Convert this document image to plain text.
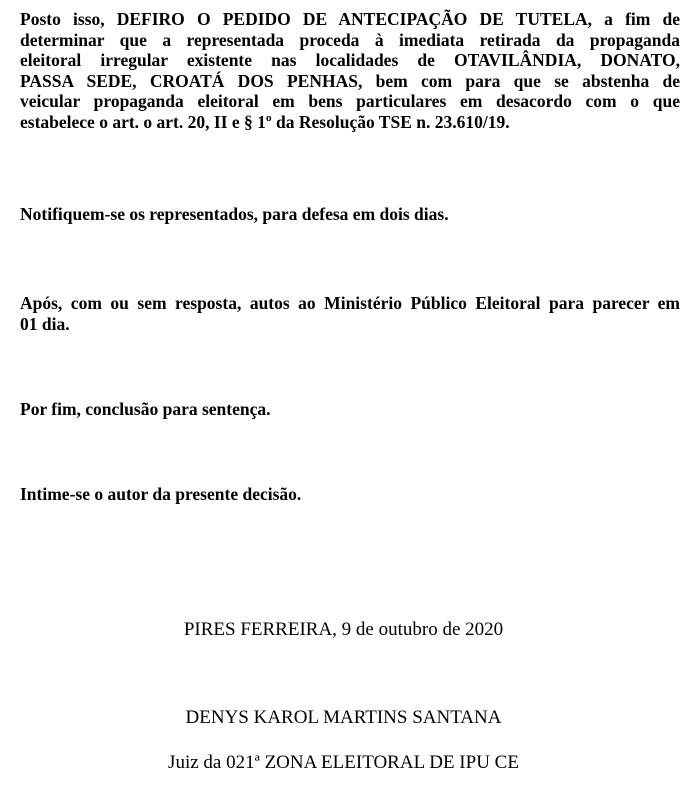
Posto isso, DEFIRO O PEDIDO DE ANTECIPAÇÃO DE TUTELA, a fim de
determinar que a representada proceda à imediata retirada da propaganda
eleitoral irregular existente nas localidades de OTAVILÂNDIA, DONATO,
PASSA SEDE, CROATÁ DOS PENHAS, bem com para que se abstenha de
veicular propaganda eleitoral em bens particulares em desacordo com o que
estabelece o art. o art. 20, II e § 1º da Resolução TSE n. 23.610/19.

Notifiquem-se os representados, para defesa em dois dias.

Após, com ou sem resposta, autos ao Ministério Público Eleitoral para parecer em
01 dia.

Por fim, conclusão para sentença.

Intime-se o autor da presente decisão.

PIRES FERREIRA, 9 de outubro de 2020

DENYS KAROL MARTINS SANTANA

Juiz da 021ª ZONA ELEITORAL DE IPU CE
